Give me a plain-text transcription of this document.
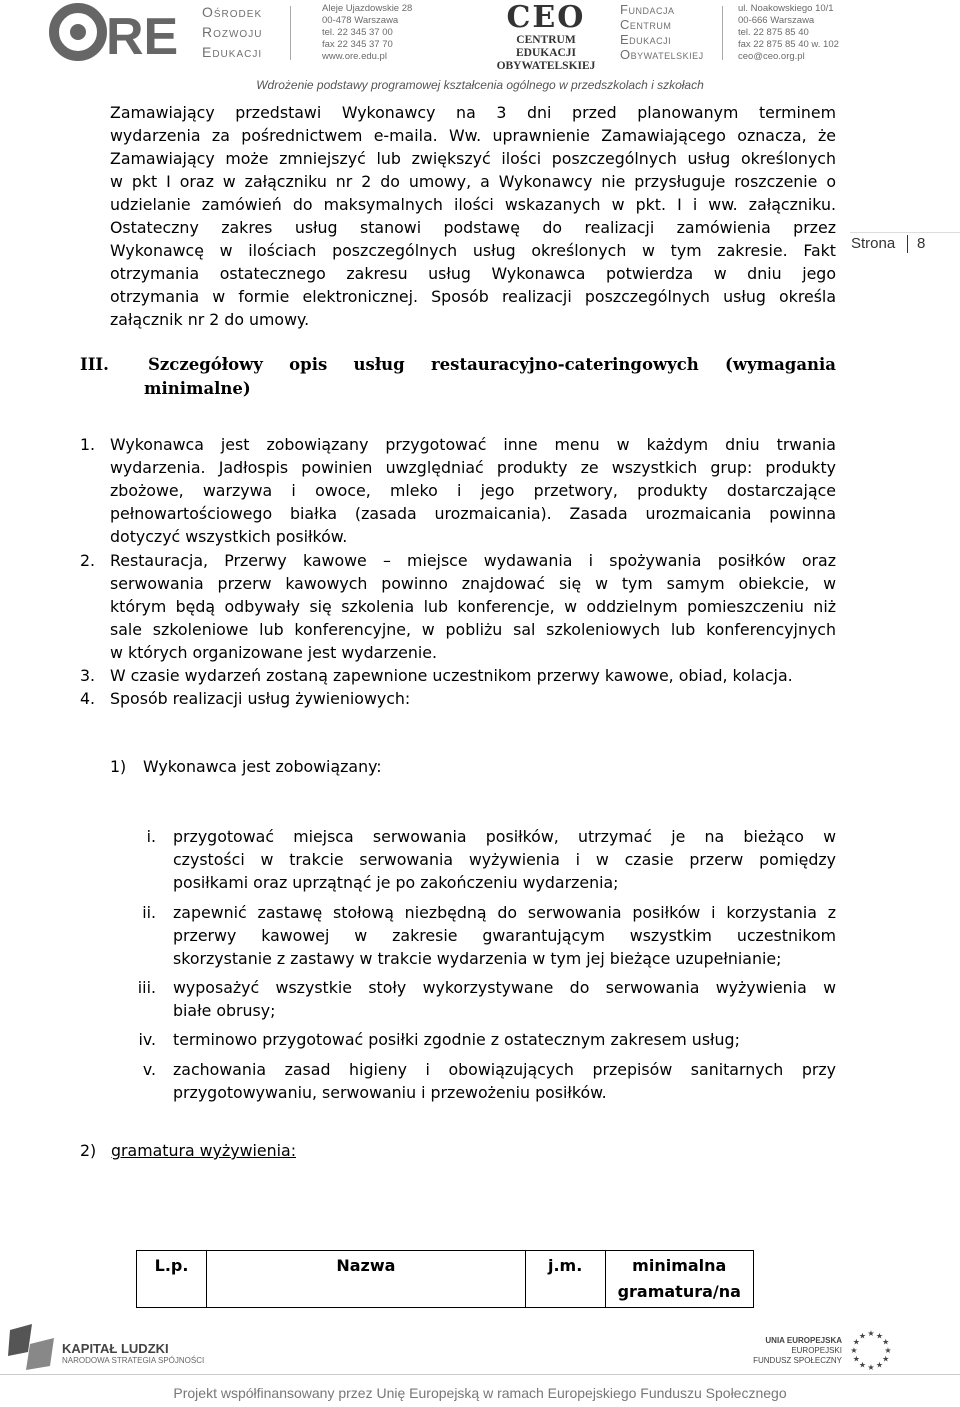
RE Ośrodek
Rozwoju
Edukacji
Aleje Ujazdowskie 28
00-478 Warszawa
tel. 22 345 37 00
fax 22 345 37 70
www.ore.edu.pl
CEO
CENTRUM EDUKACJI
OBYWATELSKIEJ
Fundacja
Centrum
Edukacji
Obywatelskiej
ul. Noakowskiego 10/1
00-666 Warszawa
tel. 22 875 85 40
fax 22 875 85 40 w. 102
ceo@ceo.org.pl
Wdrożenie podstawy programowej kształcenia ogólnego w przedszkolach i szkołach
Strona 8
Zamawiający przedstawi Wykonawcy na 3 dni przed planowanym terminem
wydarzenia za pośrednictwem e-maila. Ww. uprawnienie Zamawiającego oznacza, że
Zamawiający może zmniejszyć lub zwiększyć ilości poszczególnych usług określonych
w pkt I oraz w załączniku nr 2 do umowy, a Wykonawcy nie przysługuje roszczenie o
udzielanie zamówień do maksymalnych ilości wskazanych w pkt. I i ww. załączniku.
Ostateczny zakres usług stanowi podstawę do realizacji zamówienia przez
Wykonawcę w ilościach poszczególnych usług określonych w tym zakresie. Fakt
otrzymania ostatecznego zakresu usług Wykonawca potwierdza w dniu jego
otrzymania w formie elektronicznej. Sposób realizacji poszczególnych usług określa
załącznik nr 2 do umowy.
III. Szczegółowy opis usług restauracyjno-cateringowych (wymagania
minimalne)
1. Wykonawca jest zobowiązany przygotować inne menu w każdym dniu trwania
wydarzenia. Jadłospis powinien uwzględniać produkty ze wszystkich grup: produkty
zbożowe, warzywa i owoce, mleko i jego przetwory, produkty dostarczające
pełnowartościowego białka (zasada urozmaicania). Zasada urozmaicania powinna
dotyczyć wszystkich posiłków.
2. Restauracja, Przerwy kawowe – miejsce wydawania i spożywania posiłków oraz
serwowania przerw kawowych powinno znajdować się w tym samym obiekcie, w
którym będą odbywały się szkolenia lub konferencje, w oddzielnym pomieszczeniu niż
sale szkoleniowe lub konferencyjne, w pobliżu sal szkoleniowych lub konferencyjnych
w których organizowane jest wydarzenie.
3. W czasie wydarzeń zostaną zapewnione uczestnikom przerwy kawowe, obiad, kolacja.
4. Sposób realizacji usług żywieniowych:
1) Wykonawca jest zobowiązany:
i. przygotować miejsca serwowania posiłków, utrzymać je na bieżąco w
czystości w trakcie serwowania wyżywienia i w czasie przerw pomiędzy
posiłkami oraz uprzątnąć je po zakończeniu wydarzenia;
ii. zapewnić zastawę stołową niezbędną do serwowania posiłków i korzystania z
przerwy kawowej w zakresie gwarantującym wszystkim uczestnikom
skorzystanie z zastawy w trakcie wydarzenia w tym jej bieżące uzupełnianie;
iii. wyposażyć wszystkie stoły wykorzystywane do serwowania wyżywienia w
białe obrusy;
iv. terminowo przygotować posiłki zgodnie z ostatecznym zakresem usług;
v. zachowania zasad higieny i obowiązujących przepisów sanitarnych przy
przygotowywaniu, serwowaniu i przewożeniu posiłków.
2) gramatura wyżywienia:
L.p.	Nazwa	j.m.	minimalna gramatura/na
KAPITAŁ LUDZKI
NARODOWA STRATEGIA SPÓJNOŚCI
UNIA EUROPEJSKA
EUROPEJSKI
FUNDUSZ SPOŁECZNY
★
★
★
★
★
★
★
★
★ ★ ★
★
Projekt współfinansowany przez Unię Europejską w ramach Europejskiego Funduszu Społecznego
